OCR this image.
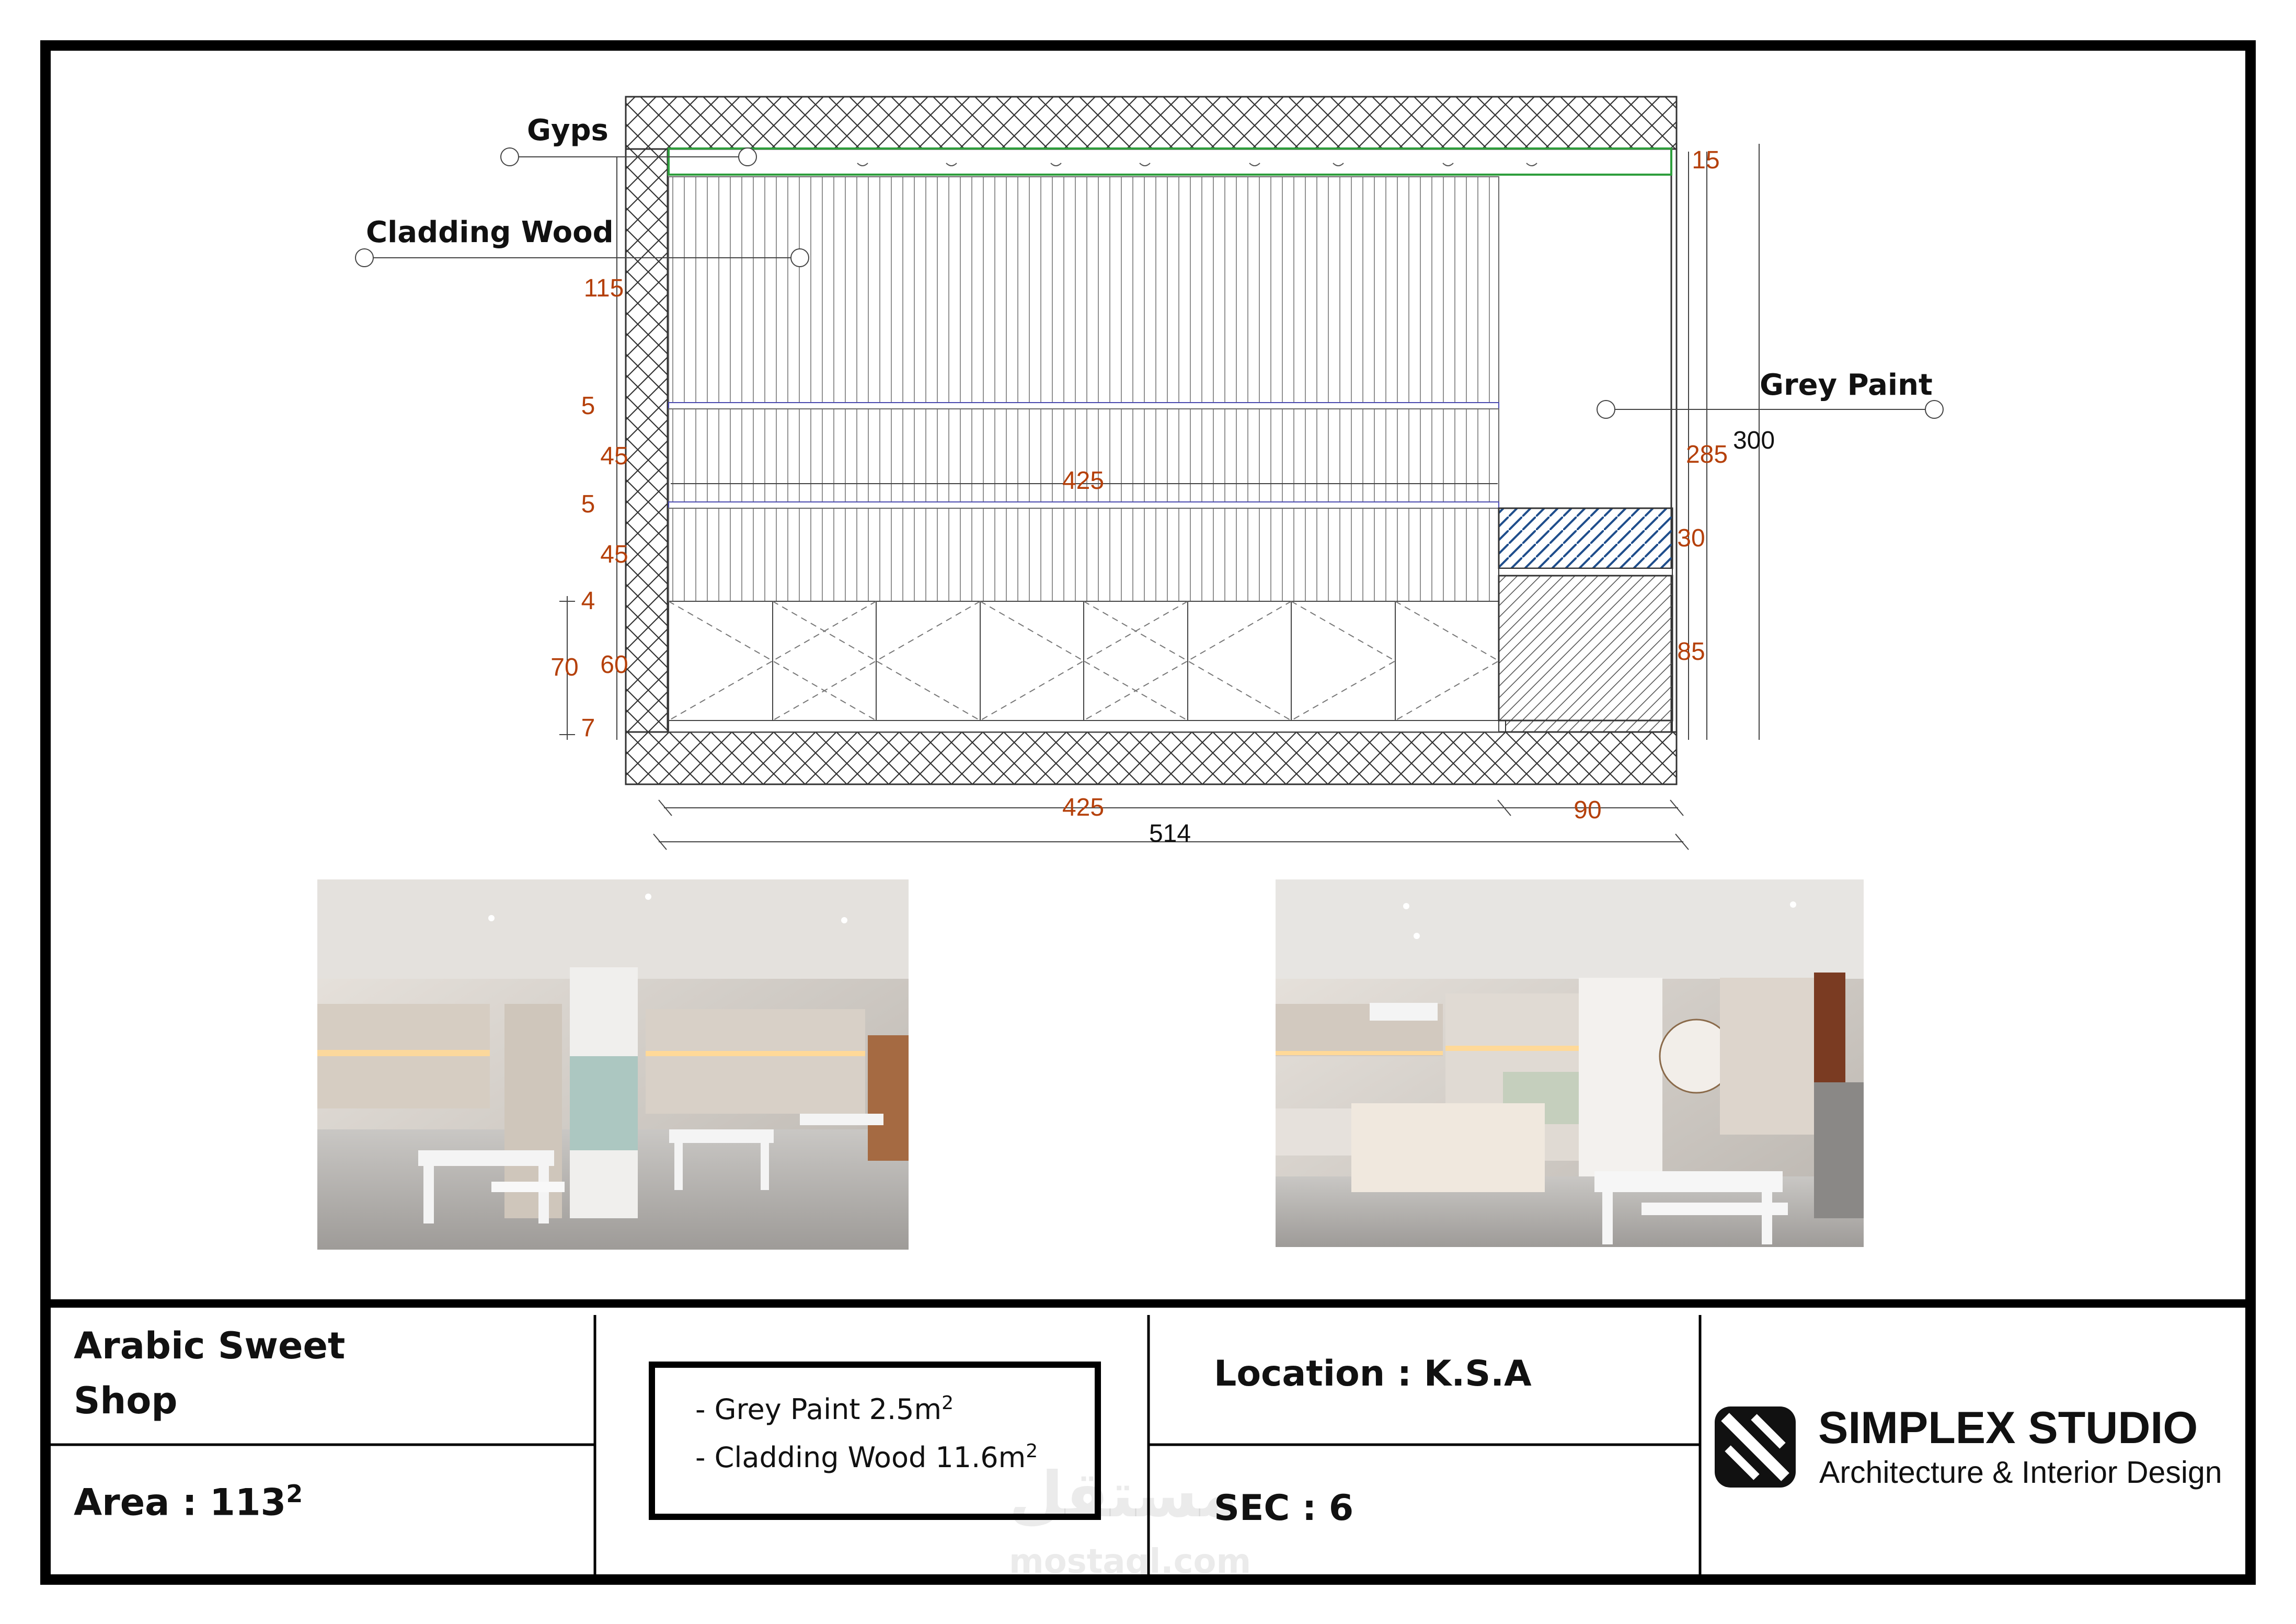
Gyps
Cladding Wood
Grey Paint
115
5
45
5
45
4
60
7
70
425
15
285
30
85
425	90
300
514
Arabic Sweet
Shop
Area : $113^2$
- Grey Paint $2.5m^2$
- Cladding Wood $11.6m^2$
Location : K.S.A
SEC : 6
SIMPLEX STUDIO
Architecture & Interior Design
مستقل
mostaql.com
